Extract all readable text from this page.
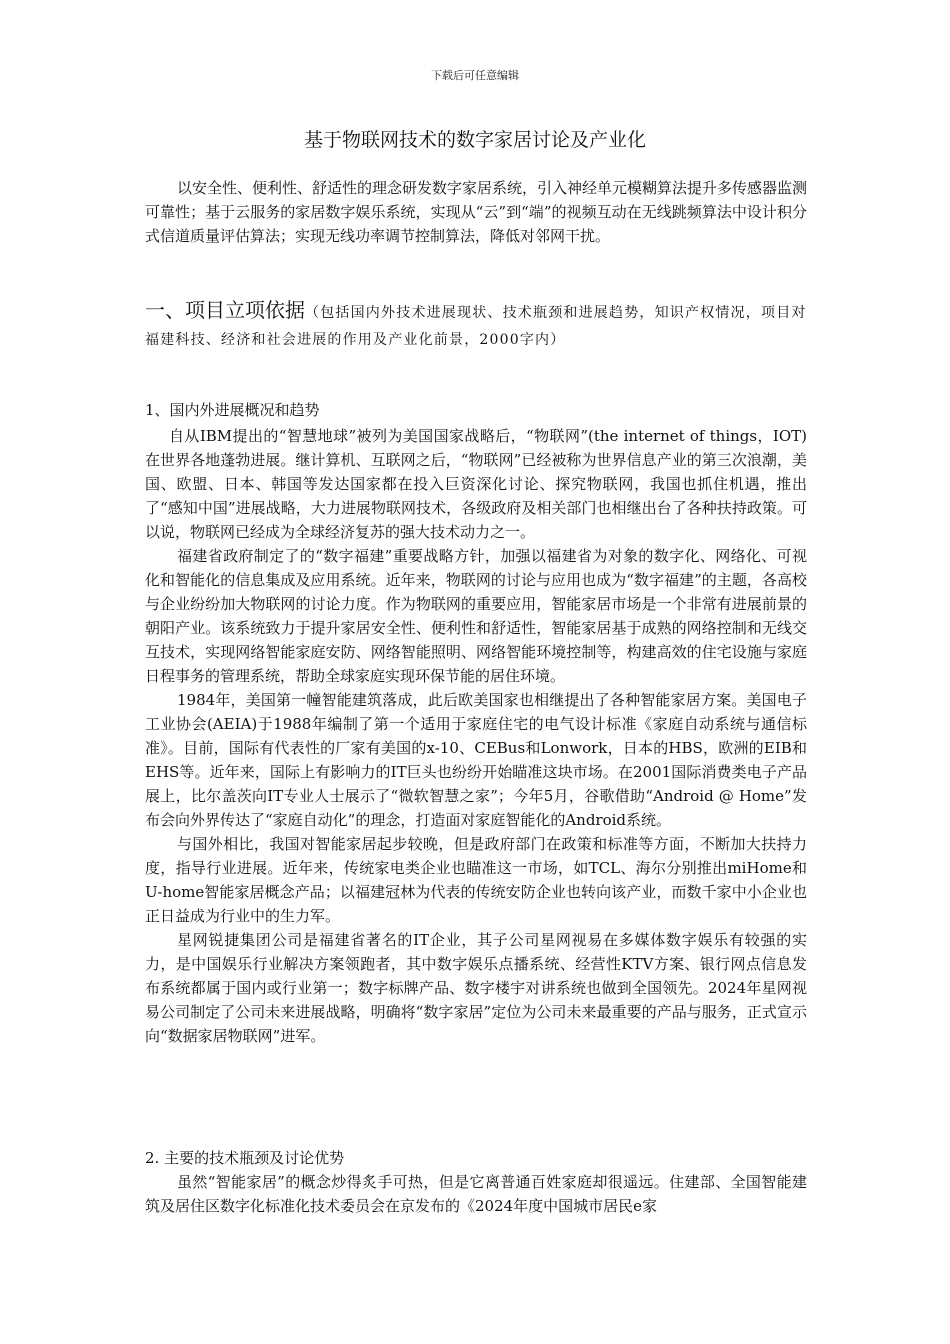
下载后可任意编辑
基于物联网技术的数字家居讨论及产业化

以安全性、便利性、舒适性的理念研发数字家居系统，引入神经单元模糊算法提升多传感器监测可靠性；基于云服务的家居数字娱乐系统，实现从“云”到“端”的视频互动在无线跳频算法中设计积分式信道质量评估算法；实现无线功率调节控制算法，降低对邻网干扰。

一、项目立项依据（包括国内外技术进展现状、技术瓶颈和进展趋势，知识产权情况，项目对福建科技、经济和社会进展的作用及产业化前景，2000字内）
1、国内外进展概况和趋势

自从IBM提出的“智慧地球”被列为美国国家战略后，“物联网”(the internet of things，IOT)在世界各地蓬勃进展。继计算机、互联网之后，“物联网”已经被称为世界信息产业的第三次浪潮，美国、欧盟、日本、韩国等发达国家都在投入巨资深化讨论、探究物联网，我国也抓住机遇，推出了“感知中国”进展战略，大力进展物联网技术，各级政府及相关部门也相继出台了各种扶持政策。可以说，物联网已经成为全球经济复苏的强大技术动力之一。

福建省政府制定了的“数字福建”重要战略方针，加强以福建省为对象的数字化、网络化、可视化和智能化的信息集成及应用系统。近年来，物联网的讨论与应用也成为“数字福建”的主题，各高校与企业纷纷加大物联网的讨论力度。作为物联网的重要应用，智能家居市场是一个非常有进展前景的朝阳产业。该系统致力于提升家居安全性、便利性和舒适性，智能家居基于成熟的网络控制和无线交互技术，实现网络智能家庭安防、网络智能照明、网络智能环境控制等，构建高效的住宅设施与家庭日程事务的管理系统，帮助全球家庭实现环保节能的居住环境。

1984年，美国第一幢智能建筑落成，此后欧美国家也相继提出了各种智能家居方案。美国电子工业协会(AEIA)于1988年编制了第一个适用于家庭住宅的电气设计标准《家庭自动系统与通信标准》。目前，国际有代表性的厂家有美国的x-10、CEBus和Lonwork，日本的HBS，欧洲的EIB和EHS等。近年来，国际上有影响力的IT巨头也纷纷开始瞄准这块市场。在2001国际消费类电子产品展上，比尔盖茨向IT专业人士展示了“微软智慧之家”；今年5月，谷歌借助“Android @ Home”发布会向外界传达了“家庭自动化”的理念，打造面对家庭智能化的Android系统。

与国外相比，我国对智能家居起步较晚，但是政府部门在政策和标准等方面，不断加大扶持力度，指导行业进展。近年来，传统家电类企业也瞄准这一市场，如TCL、海尔分别推出miHome和U-home智能家居概念产品；以福建冠林为代表的传统安防企业也转向该产业，而数千家中小企业也正日益成为行业中的生力军。

星网锐捷集团公司是福建省著名的IT企业，其子公司星网视易在多媒体数字娱乐有较强的实力，是中国娱乐行业解决方案领跑者，其中数字娱乐点播系统、经营性KTV方案、银行网点信息发布系统都属于国内或行业第一；数字标牌产品、数字楼宇对讲系统也做到全国领先。2024年星网视易公司制定了公司未来进展战略，明确将“数字家居”定位为公司未来最重要的产品与服务，正式宣示向“数据家居物联网”进军。

2. 主要的技术瓶颈及讨论优势

虽然“智能家居”的概念炒得炙手可热，但是它离普通百姓家庭却很遥远。住建部、全国智能建筑及居住区数字化标准化技术委员会在京发布的《2024年度中国城市居民e家
